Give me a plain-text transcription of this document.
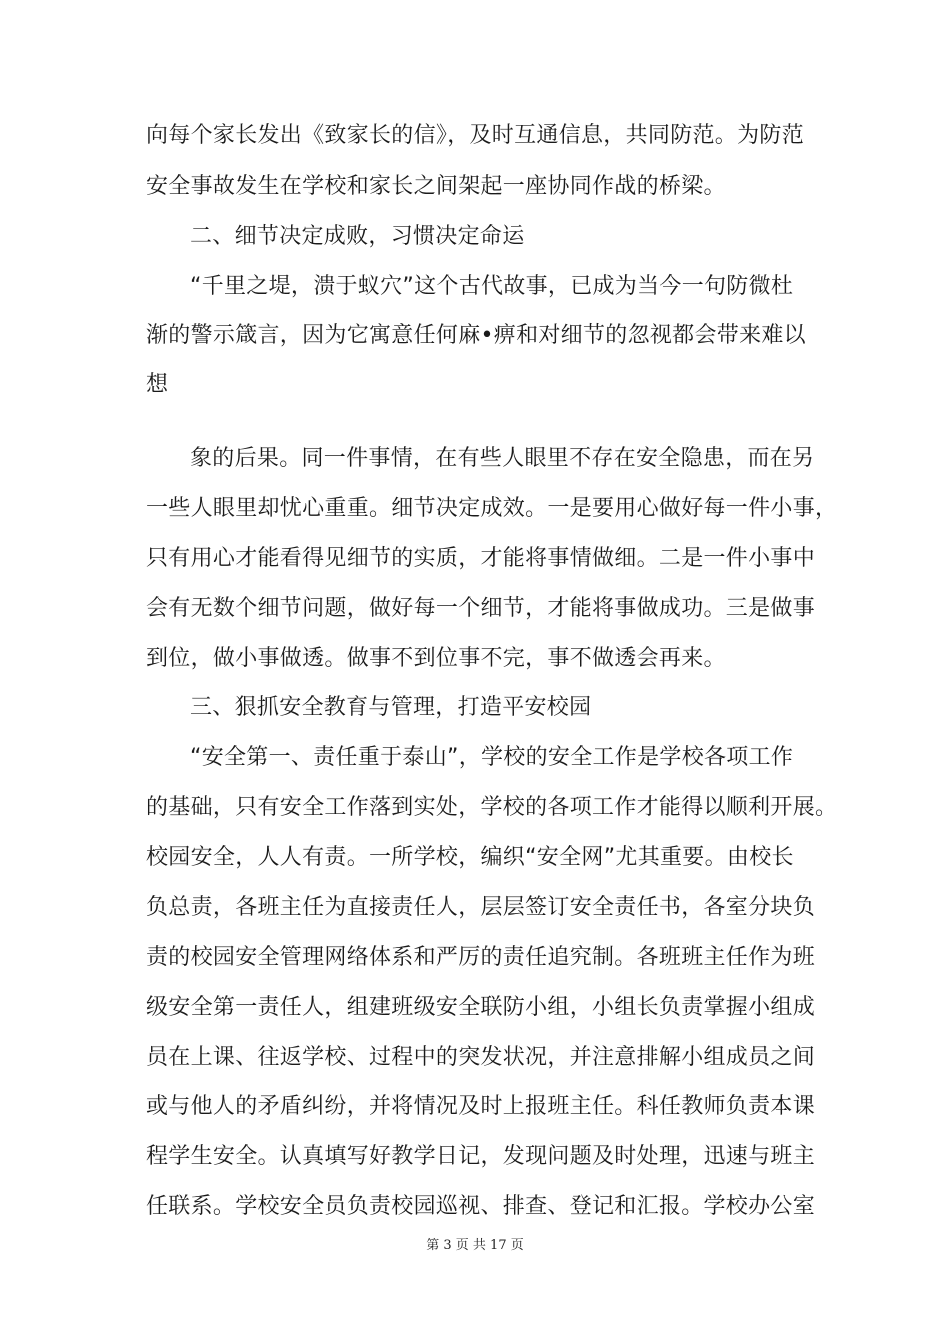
向每个家长发出《致家长的信》，及时互通信息，共同防范。为防范
安全事故发生在学校和家长之间架起一座协同作战的桥梁。
二、细节决定成败，习惯决定命运
“千里之堤，溃于蚁穴”这个古代故事，已成为当今一句防微杜
渐的警示箴言，因为它寓意任何麻•痹和对细节的忽视都会带来难以
想
象的后果。同一件事情，在有些人眼里不存在安全隐患，而在另
一些人眼里却忧心重重。细节决定成效。一是要用心做好每一件小事，
只有用心才能看得见细节的实质，才能将事情做细。二是一件小事中
会有无数个细节问题，做好每一个细节，才能将事做成功。三是做事
到位，做小事做透。做事不到位事不完，事不做透会再来。
三、狠抓安全教育与管理，打造平安校园
“安全第一、责任重于泰山”，学校的安全工作是学校各项工作
的基础，只有安全工作落到实处，学校的各项工作才能得以顺利开展。
校园安全，人人有责。一所学校，编织“安全网”尤其重要。由校长
负总责，各班主任为直接责任人，层层签订安全责任书，各室分块负
责的校园安全管理网络体系和严厉的责任追究制。各班班主任作为班
级安全第一责任人，组建班级安全联防小组，小组长负责掌握小组成
员在上课、往返学校、过程中的突发状况，并注意排解小组成员之间
或与他人的矛盾纠纷，并将情况及时上报班主任。科任教师负责本课
程学生安全。认真填写好教学日记，发现问题及时处理，迅速与班主
任联系。学校安全员负责校园巡视、排查、登记和汇报。学校办公室
第 3 页 共 17 页
